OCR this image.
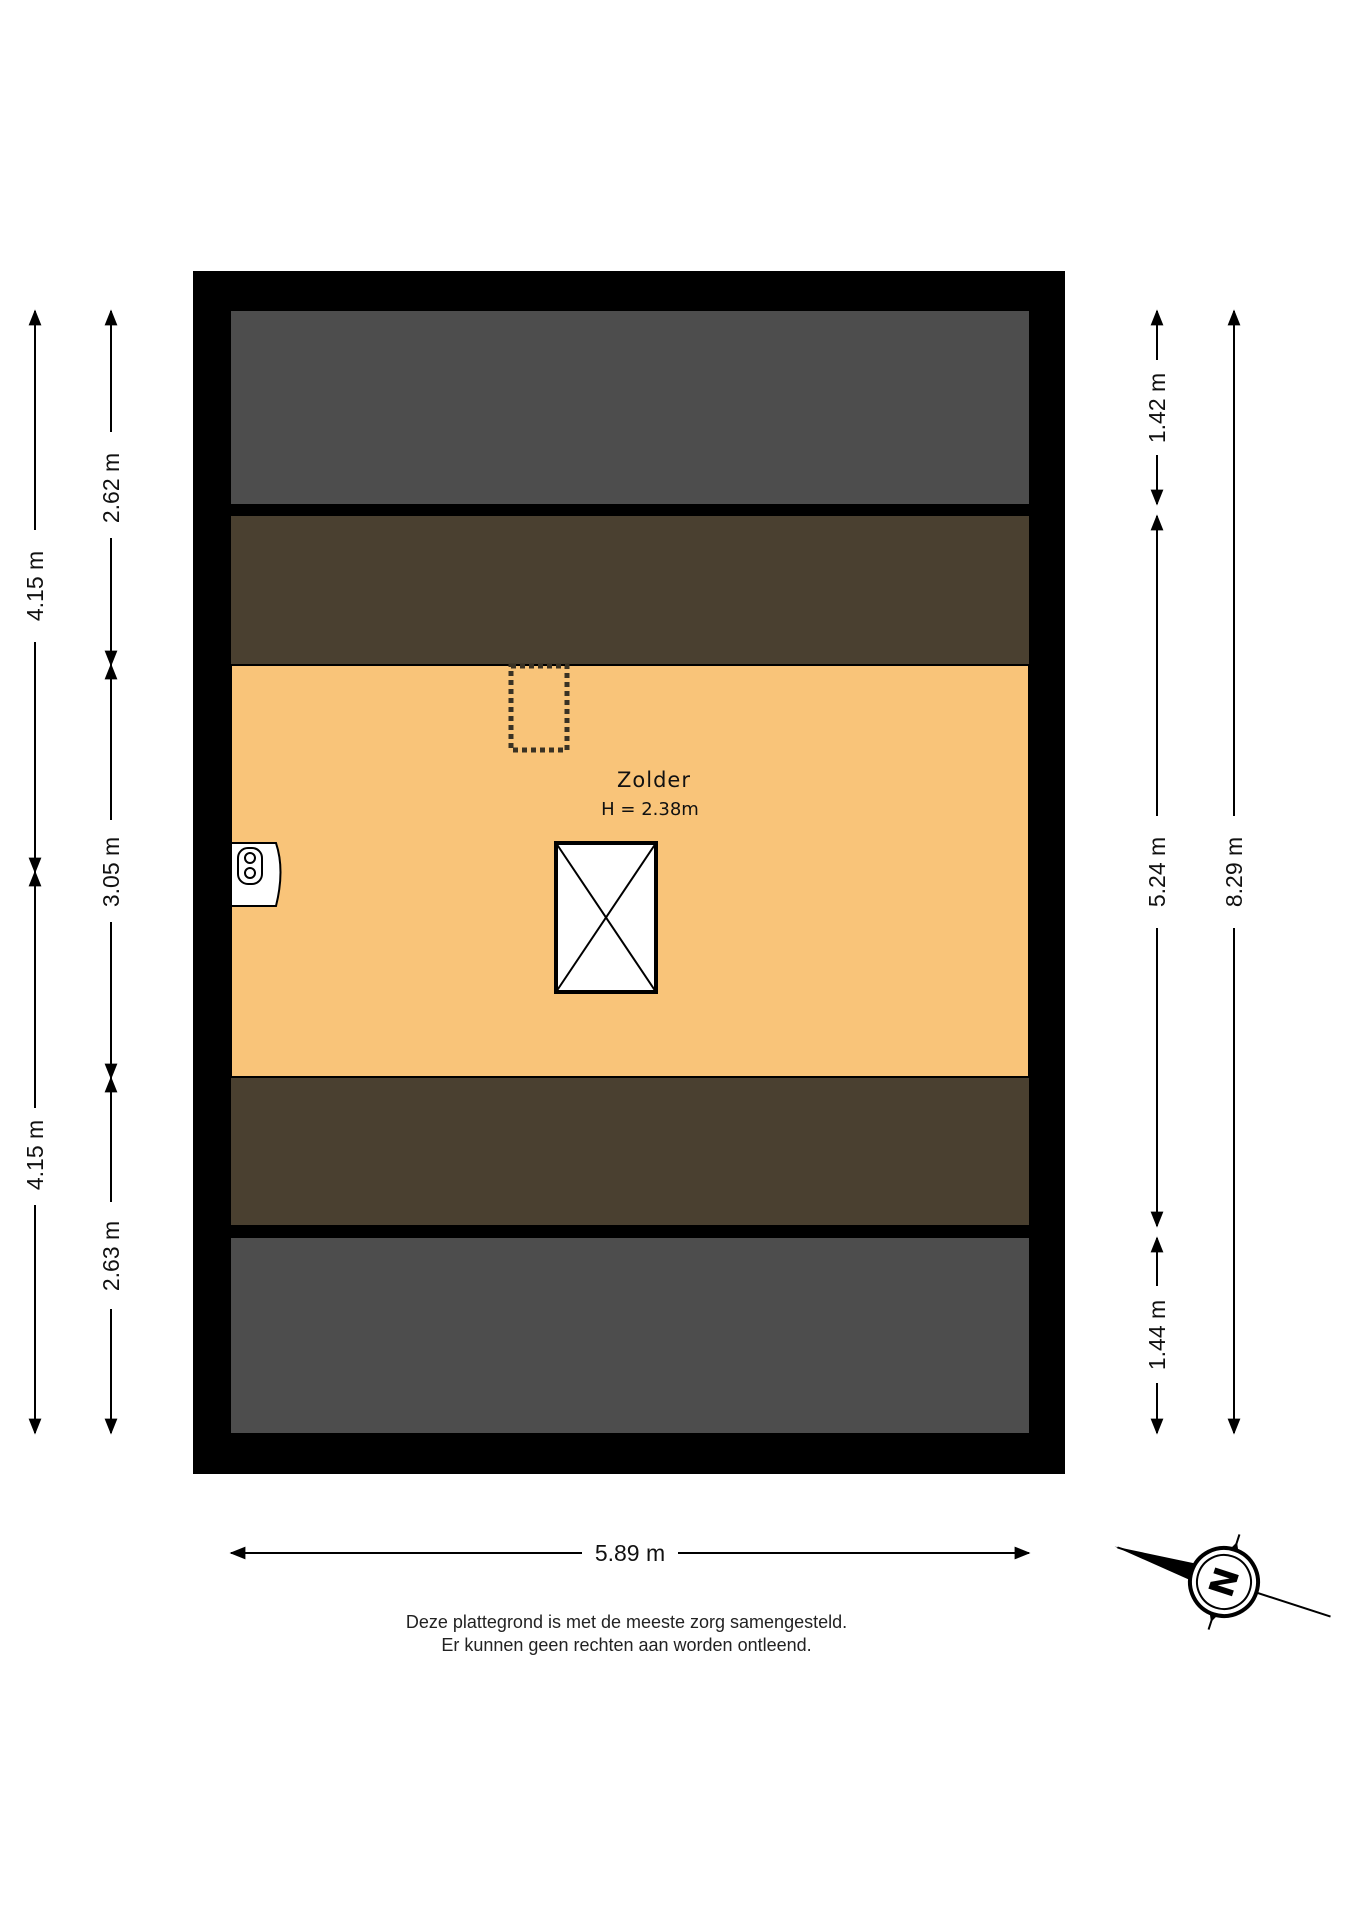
Zolder
H = 2.38m
4.15 m
4.15 m
2.62 m
3.05 m
2.63 m
1.42 m
5.24 m
1.44 m
8.29 m
5.89 m
N
Deze plattegrond is met de meeste zorg samengesteld.
Er kunnen geen rechten aan worden ontleend.
